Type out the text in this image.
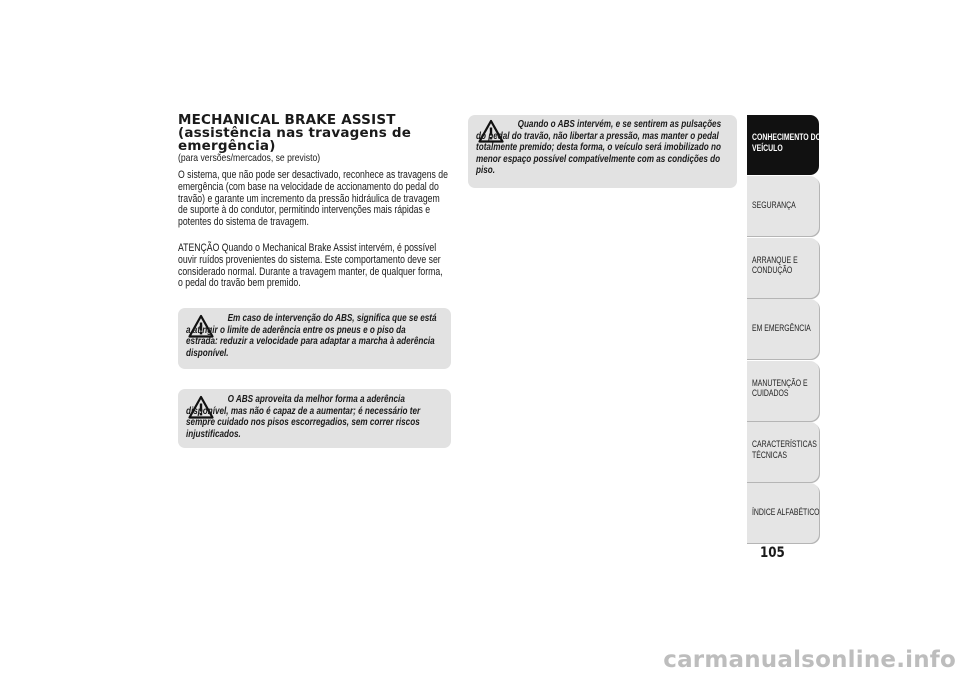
MECHANICAL BRAKE ASSIST (assistência nas travagens de emergência)
(para versões/mercados, se previsto)
O sistema, que não pode ser desactivado, reconhece as travagens de emergência (com base na velocidade de accionamento do pedal do travão) e garante um incremento da pressão hidráulica de travagem de suporte à do condutor, permitindo intervenções mais rápidas e potentes do sistema de travagem.
ATENÇÃO Quando o Mechanical Brake Assist intervém, é possível ouvir ruídos provenientes do sistema. Este comportamento deve ser considerado normal. Durante a travagem manter, de qualquer forma, o pedal do travão bem premido.
Em caso de intervenção do ABS, significa que se está a atingir o limite de aderência entre os pneus e o piso da estrada: reduzir a velocidade para adaptar a marcha à aderência disponível.
O ABS aproveita da melhor forma a aderência disponível, mas não é capaz de a aumentar; é necessário ter sempre cuidado nos pisos escorregadios, sem correr riscos injustificados.
Quando o ABS intervém, e se sentirem as pulsações do pedal do travão, não libertar a pressão, mas manter o pedal totalmente premido; desta forma, o veículo será imobilizado no menor espaço possível compatívelmente com as condições do piso.
CONHECIMENTO DO VEÍCULO
SEGURANÇA
ARRANQUE E CONDUÇÃO
EM EMERGÊNCIA
MANUTENÇÃO E CUIDADOS
CARACTERÍSTICAS TÉCNICAS
ÍNDICE ALFABÉTICO
105
carmanualsonline.info
